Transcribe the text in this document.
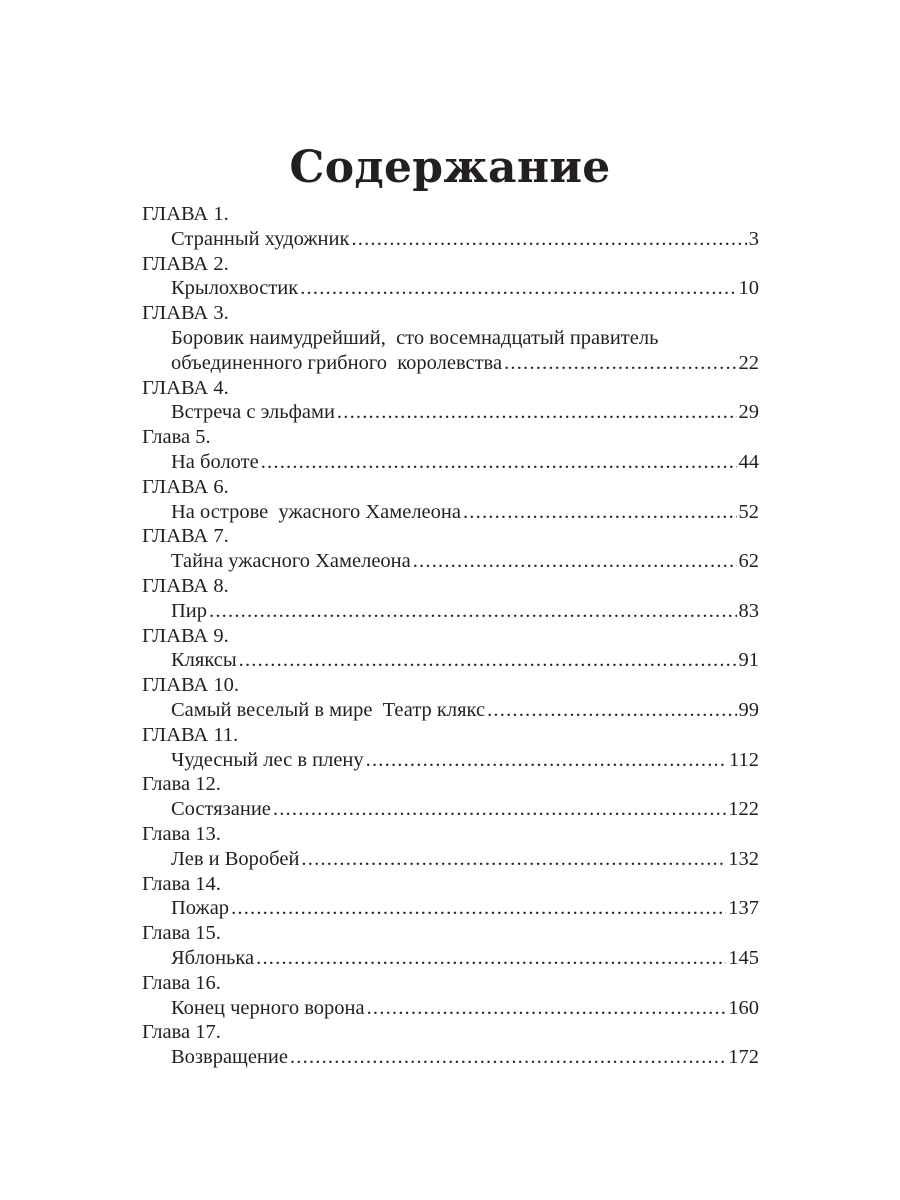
Содержание
ГЛАВА 1.
Странный художник .....	3
ГЛАВА 2.
Крылохвостик .....	10
ГЛАВА 3.
Боровик наимудрейший,  сто восемнадцатый правитель
объединенного грибного  королевства .....	22
ГЛАВА 4.
Встреча с эльфами .....	29
Глава 5.
На болоте .....	44
ГЛАВА 6.
На острове  ужасного Хамелеона .....	52
ГЛАВА 7.
Тайна ужасного Хамелеона .....	62
ГЛАВА 8.
Пир .....	83
ГЛАВА 9.
Кляксы .....	91
ГЛАВА 10.
Самый веселый в мире  Театр клякс .....	99
ГЛАВА 11.
Чудесный лес в плену .....	112
Глава 12.
Состязание .....	122
Глава 13.
Лев и Воробей .....	132
Глава 14.
Пожар .....	137
Глава 15.
Яблонька .....	145
Глава 16.
Конец черного ворона .....	160
Глава 17.
Возвращение .....	172
